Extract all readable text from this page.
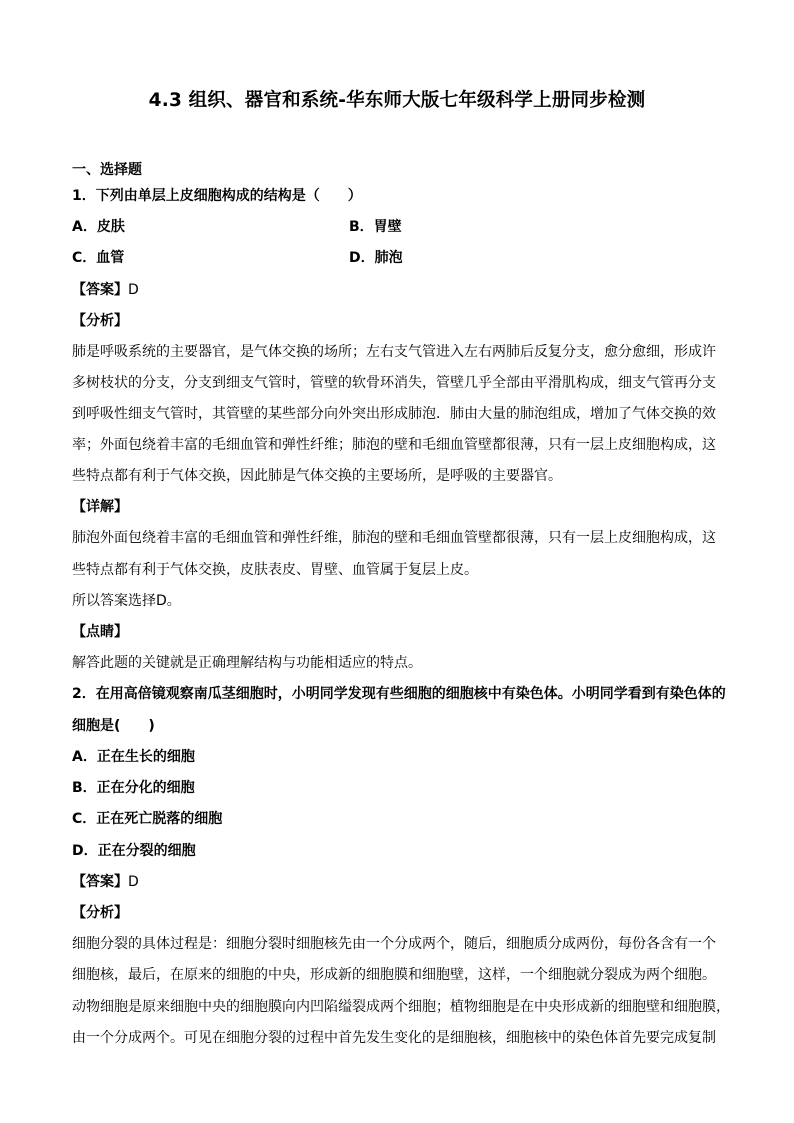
4.3 组织、器官和系统-华东师大版七年级科学上册同步检测
一、选择题
1．下列由单层上皮细胞构成的结构是（　　）
A．皮肤	B．胃壁
C．血管	D．肺泡
【答案】D
【分析】
肺是呼吸系统的主要器官，是气体交换的场所；左右支气管进入左右两肺后反复分支，愈分愈细，形成许
多树枝状的分支，分支到细支气管时，管壁的软骨环消失，管壁几乎全部由平滑肌构成，细支气管再分支
到呼吸性细支气管时，其管壁的某些部分向外突出形成肺泡．肺由大量的肺泡组成，增加了气体交换的效
率；外面包绕着丰富的毛细血管和弹性纤维；肺泡的壁和毛细血管壁都很薄，只有一层上皮细胞构成，这
些特点都有利于气体交换，因此肺是气体交换的主要场所，是呼吸的主要器官。
【详解】
肺泡外面包绕着丰富的毛细血管和弹性纤维，肺泡的壁和毛细血管壁都很薄，只有一层上皮细胞构成，这
些特点都有利于气体交换，皮肤表皮、胃壁、血管属于复层上皮。
所以答案选择D。
【点睛】
解答此题的关键就是正确理解结构与功能相适应的特点。
2．在用高倍镜观察南瓜茎细胞时，小明同学发现有些细胞的细胞核中有染色体。小明同学看到有染色体的
细胞是(　　)
A．正在生长的细胞
B．正在分化的细胞
C．正在死亡脱落的细胞
D．正在分裂的细胞
【答案】D
【分析】
细胞分裂的具体过程是：细胞分裂时细胞核先由一个分成两个，随后，细胞质分成两份，每份各含有一个
细胞核，最后，在原来的细胞的中央，形成新的细胞膜和细胞壁，这样，一个细胞就分裂成为两个细胞。
动物细胞是原来细胞中央的细胞膜向内凹陷缢裂成两个细胞；植物细胞是在中央形成新的细胞壁和细胞膜，
由一个分成两个。可见在细胞分裂的过程中首先发生变化的是细胞核，细胞核中的染色体首先要完成复制
